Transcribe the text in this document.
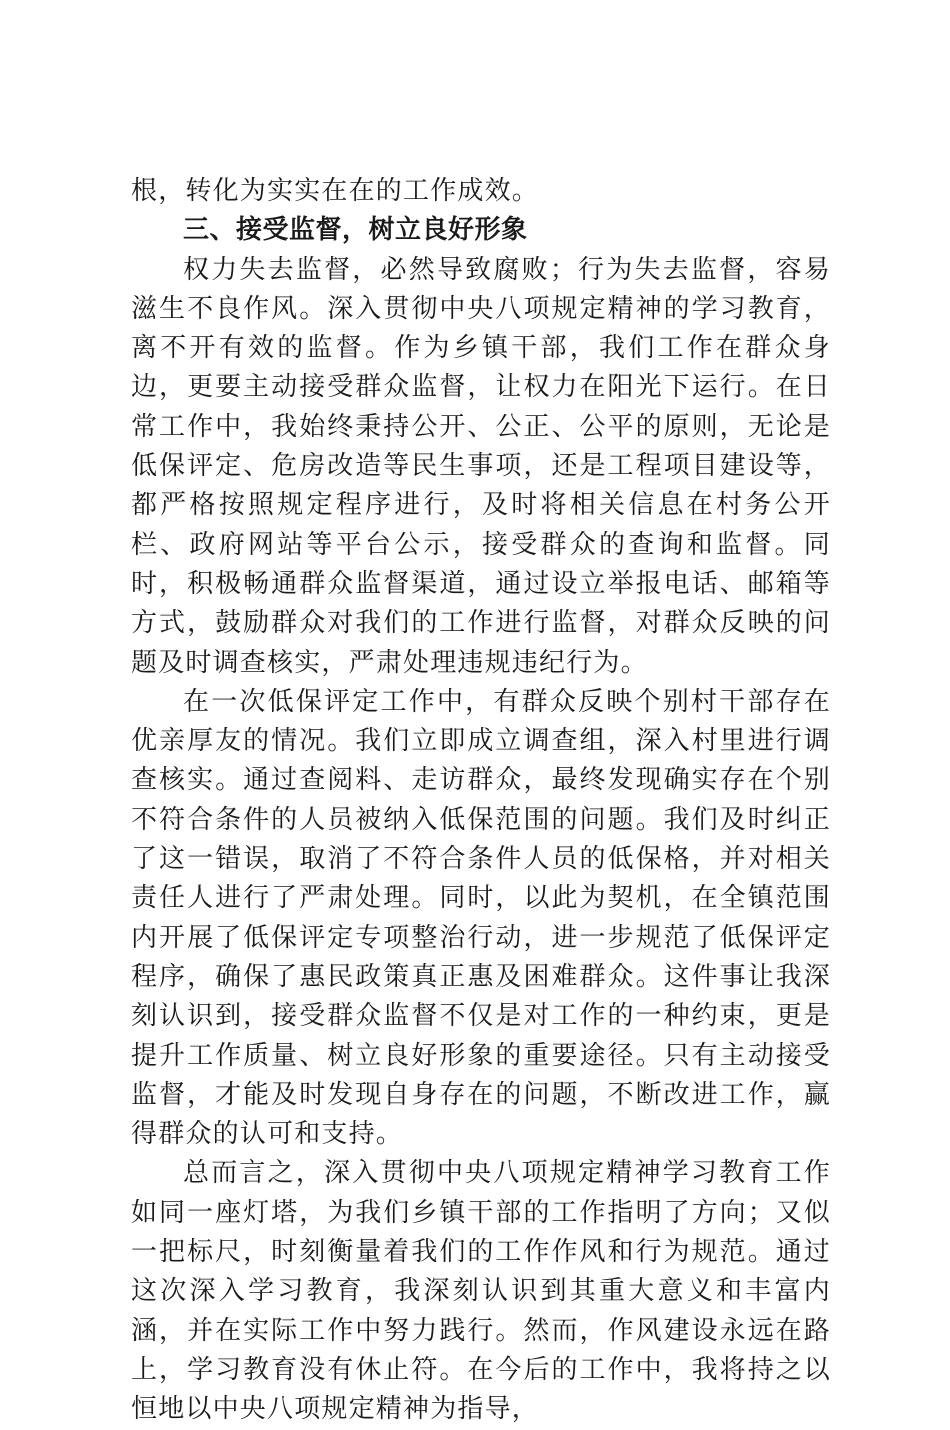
根，转化为实实在在的工作成效。

三、接受监督，树立良好形象

权力失去监督，必然导致腐败；行为失去监督，容易滋生不良作风。深入贯彻中央八项规定精神的学习教育，离不开有效的监督。作为乡镇干部，我们工作在群众身边，更要主动接受群众监督，让权力在阳光下运行。在日常工作中，我始终秉持公开、公正、公平的原则，无论是低保评定、危房改造等民生事项，还是工程项目建设等，都严格按照规定程序进行，及时将相关信息在村务公开栏、政府网站等平台公示，接受群众的查询和监督。同时，积极畅通群众监督渠道，通过设立举报电话、邮箱等方式，鼓励群众对我们的工作进行监督，对群众反映的问题及时调查核实，严肃处理违规违纪行为。

在一次低保评定工作中，有群众反映个别村干部存在优亲厚友的情况。我们立即成立调查组，深入村里进行调查核实。通过查阅料、走访群众，最终发现确实存在个别不符合条件的人员被纳入低保范围的问题。我们及时纠正了这一错误，取消了不符合条件人员的低保格，并对相关责任人进行了严肃处理。同时，以此为契机，在全镇范围内开展了低保评定专项整治行动，进一步规范了低保评定程序，确保了惠民政策真正惠及困难群众。这件事让我深刻认识到，接受群众监督不仅是对工作的一种约束，更是提升工作质量、树立良好形象的重要途径。只有主动接受监督，才能及时发现自身存在的问题，不断改进工作，赢得群众的认可和支持。

总而言之，深入贯彻中央八项规定精神学习教育工作如同一座灯塔，为我们乡镇干部的工作指明了方向；又似一把标尺，时刻衡量着我们的工作作风和行为规范。通过这次深入学习教育，我深刻认识到其重大意义和丰富内涵，并在实际工作中努力践行。然而，作风建设永远在路上，学习教育没有休止符。在今后的工作中，我将持之以恒地以中央八项规定精神为指导，
